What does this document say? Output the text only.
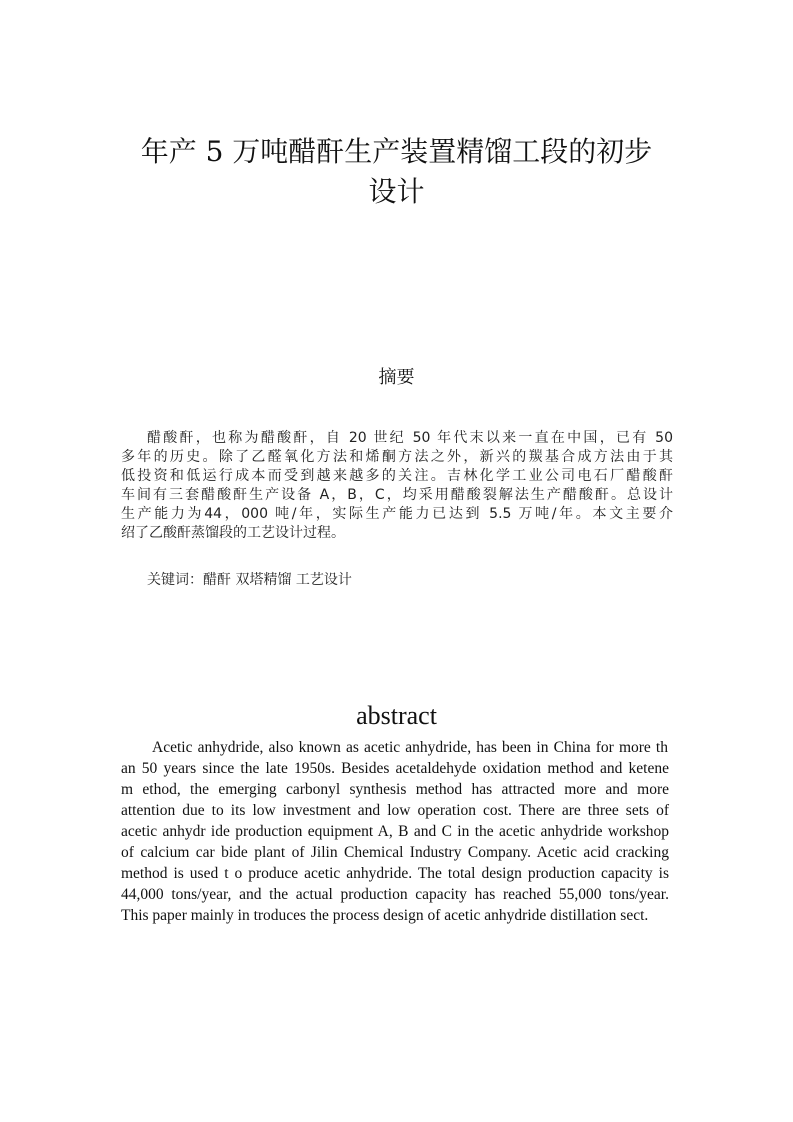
年产 5 万吨醋酐生产装置精馏工段的初步
设计
摘要
醋酸酐，也称为醋酸酐，自 20 世纪 50 年代末以来一直在中国，已有 50
多年的历史。除了乙醛氧化方法和烯酮方法之外，新兴的羰基合成方法由于其
低投资和低运行成本而受到越来越多的关注。吉林化学工业公司电石厂醋酸酐
车间有三套醋酸酐生产设备 A，B，C，均采用醋酸裂解法生产醋酸酐。总设计
生产能力为44，000 吨/年，实际生产能力已达到 5.5 万吨/年。本文主要介
绍了乙酸酐蒸馏段的工艺设计过程。
关键词：醋酐 双塔精馏 工艺设计
abstract
Acetic anhydride, also known as acetic anhydride, has been in China for more th
an 50 years since the late 1950s. Besides acetaldehyde oxidation method and ketene
m ethod, the emerging carbonyl synthesis method has attracted more and more
attention due to its low investment and low operation cost. There are three sets of
acetic anhydr ide production equipment A, B and C in the acetic anhydride workshop
of calcium car bide plant of Jilin Chemical Industry Company. Acetic acid cracking
method is used t o produce acetic anhydride. The total design production capacity is
44,000 tons/year, and the actual production capacity has reached 55,000 tons/year.
This paper mainly in troduces the process design of acetic anhydride distillation sect.
